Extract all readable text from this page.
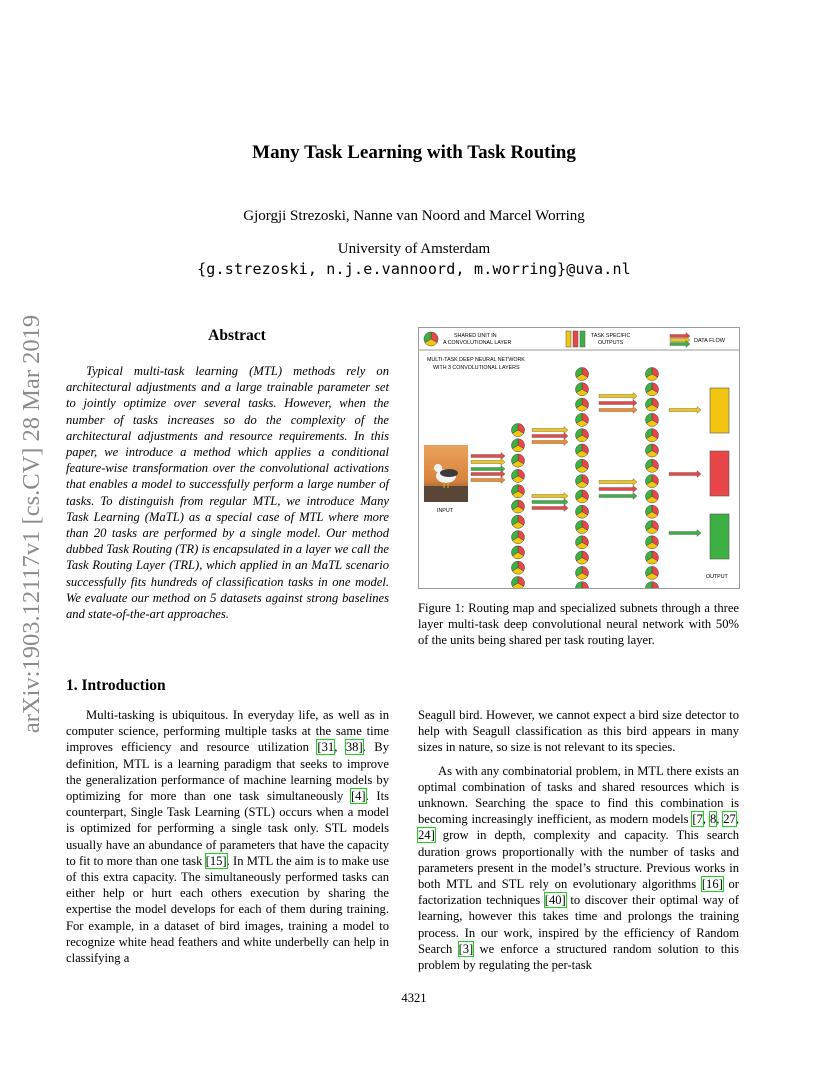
Many Task Learning with Task Routing
Gjorgji Strezoski, Nanne van Noord and Marcel Worring
University of Amsterdam
{g.strezoski, n.j.e.vannoord, m.worring}@uva.nl
arXiv:1903.12117v1 [cs.CV] 28 Mar 2019	Abstract

Typical multi-task learning (MTL) methods rely on architectural adjustments and a large trainable parameter set to jointly optimize over several tasks. However, when the number of tasks increases so do the complexity of the architectural adjustments and resource requirements. In this paper, we introduce a method which applies a conditional feature-wise transformation over the convolutional activations that enables a model to successfully perform a large number of tasks. To distinguish from regular MTL, we introduce Many Task Learning (MaTL) as a special case of MTL where more than 20 tasks are performed by a single model. Our method dubbed Task Routing (TR) is encapsulated in a layer we call the Task Routing Layer (TRL), which applied in an MaTL scenario successfully fits hundreds of classification tasks in one model. We evaluate our method on 5 datasets against strong baselines and state-of-the-art approaches.

SHARED UNIT IN
A CONVOLUTIONAL LAYER
TASK SPECIFIC
OUTPUTS	DATA FLOW
MULTI-TASK DEEP NEURAL NETWORK
WITH 3 CONVOLUTIONAL LAYERS
INPUT
OUTPUT
Figure 1: Routing map and specialized subnets through a three layer multi-task deep convolutional neural network with 50% of the units being shared per task routing layer.
1. Introduction

Multi-tasking is ubiquitous. In everyday life, as well as in computer science, performing multiple tasks at the same time improves efficiency and resource utilization [31, 38]. By definition, MTL is a learning paradigm that seeks to improve the generalization performance of machine learning models by optimizing for more than one task simultaneously [4]. Its counterpart, Single Task Learning (STL) occurs when a model is optimized for performing a single task only. STL models usually have an abundance of parameters that have the capacity to fit to more than one task [15]. In MTL the aim is to make use of this extra capacity. The simultaneously performed tasks can either help or hurt each others execution by sharing the expertise the model develops for each of them during training. For example, in a dataset of bird images, training a model to recognize white head feathers and white underbelly can help in classifying a

Seagull bird. However, we cannot expect a bird size detector to help with Seagull classification as this bird appears in many sizes in nature, so size is not relevant to its species.

As with any combinatorial problem, in MTL there exists an optimal combination of tasks and shared resources which is unknown. Searching the space to find this combination is becoming increasingly inefficient, as modern models [7, 8, 27, 24] grow in depth, complexity and capacity. This search duration grows proportionally with the number of tasks and parameters present in the model’s structure. Previous works in both MTL and STL rely on evolutionary algorithms [16] or factorization techniques [40] to discover their optimal way of learning, however this takes time and prolongs the training process. In our work, inspired by the efficiency of Random Search [3] we enforce a structured random solution to this problem by regulating the per-task

4321
